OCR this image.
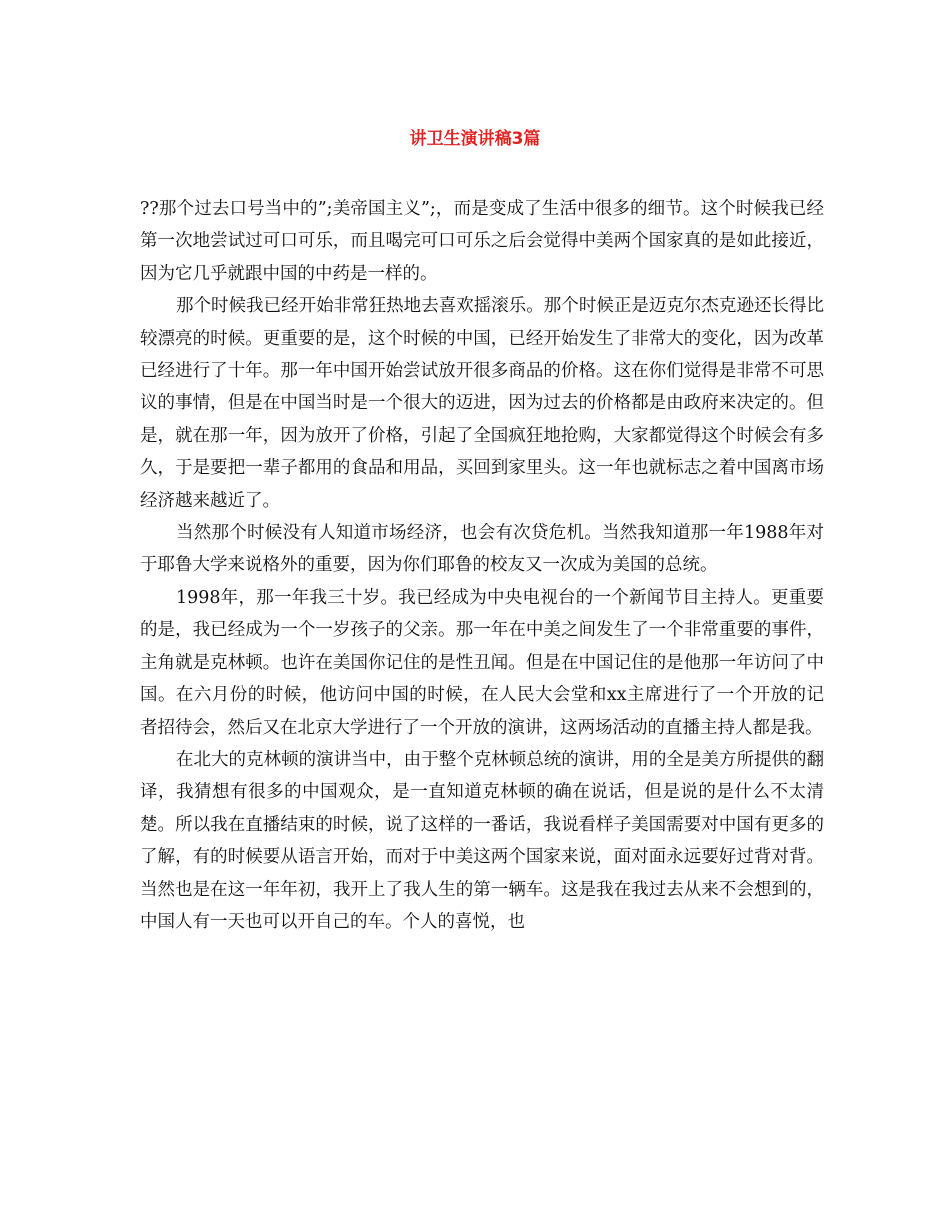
讲卫生演讲稿3篇

??那个过去口号当中的”;美帝国主义”;，而是变成了生活中很多的细节。这个时候我已经第一次地尝试过可口可乐，而且喝完可口可乐之后会觉得中美两个国家真的是如此接近，因为它几乎就跟中国的中药是一样的。

那个时候我已经开始非常狂热地去喜欢摇滚乐。那个时候正是迈克尔杰克逊还长得比较漂亮的时候。更重要的是，这个时候的中国，已经开始发生了非常大的变化，因为改革已经进行了十年。那一年中国开始尝试放开很多商品的价格。这在你们觉得是非常不可思议的事情，但是在中国当时是一个很大的迈进，因为过去的价格都是由政府来决定的。但是，就在那一年，因为放开了价格，引起了全国疯狂地抢购，大家都觉得这个时候会有多久，于是要把一辈子都用的食品和用品，买回到家里头。这一年也就标志之着中国离市场经济越来越近了。

当然那个时候没有人知道市场经济，也会有次贷危机。当然我知道那一年1988年对于耶鲁大学来说格外的重要，因为你们耶鲁的校友又一次成为美国的总统。

1998年，那一年我三十岁。我已经成为中央电视台的一个新闻节目主持人。更重要的是，我已经成为一个一岁孩子的父亲。那一年在中美之间发生了一个非常重要的事件，主角就是克林顿。也许在美国你记住的是性丑闻。但是在中国记住的是他那一年访问了中国。在六月份的时候，他访问中国的时候，在人民大会堂和xx主席进行了一个开放的记者招待会，然后又在北京大学进行了一个开放的演讲，这两场活动的直播主持人都是我。

在北大的克林顿的演讲当中，由于整个克林顿总统的演讲，用的全是美方所提供的翻译，我猜想有很多的中国观众，是一直知道克林顿的确在说话，但是说的是什么不太清楚。所以我在直播结束的时候，说了这样的一番话，我说看样子美国需要对中国有更多的了解，有的时候要从语言开始，而对于中美这两个国家来说，面对面永远要好过背对背。当然也是在这一年年初，我开上了我人生的第一辆车。这是我在我过去从来不会想到的，中国人有一天也可以开自己的车。个人的喜悦，也
